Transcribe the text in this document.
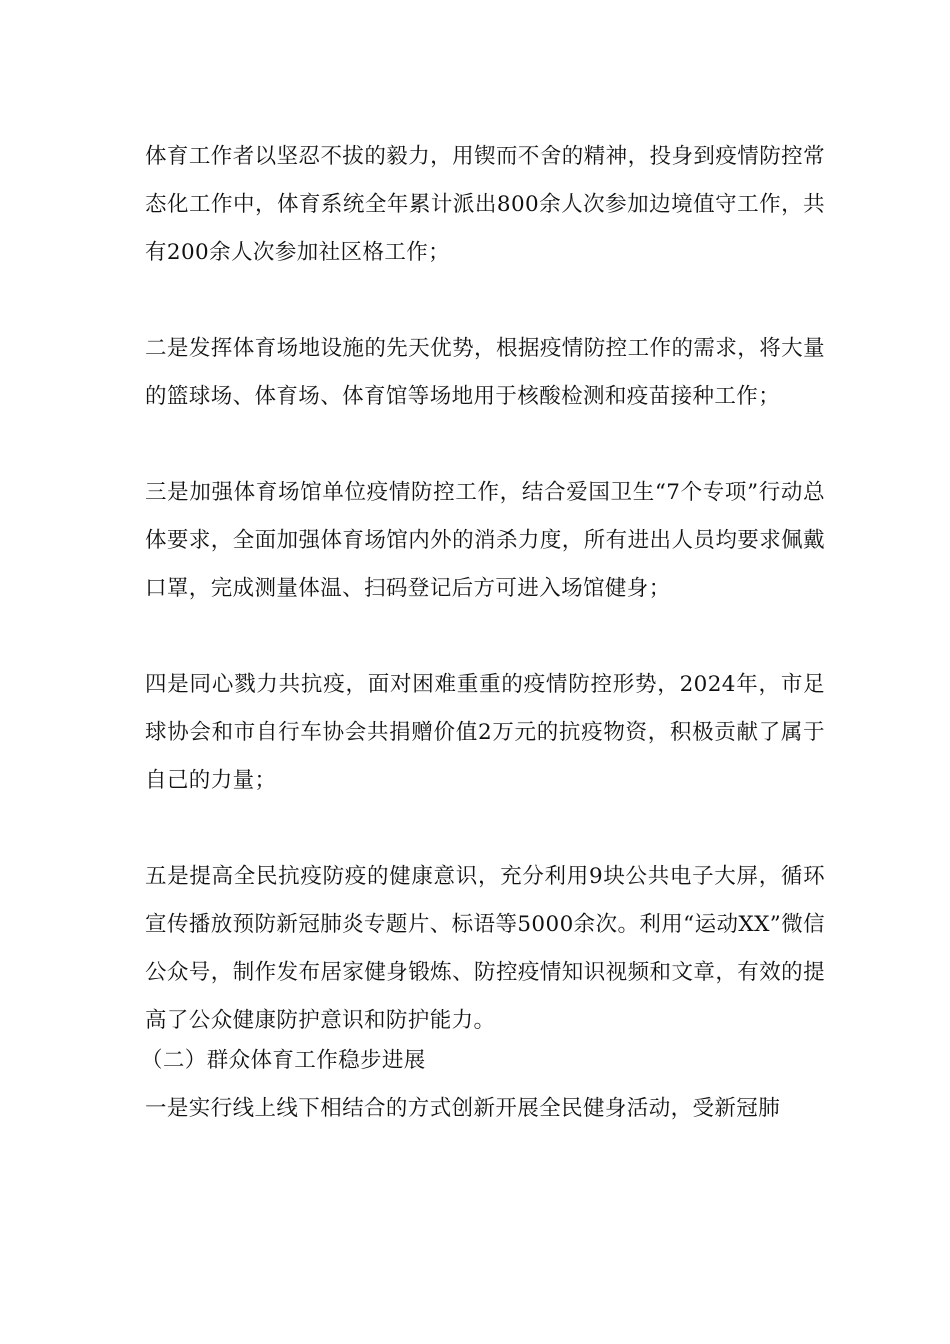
体育工作者以坚忍不拔的毅力，用锲而不舍的精神，投身到疫情防控常态化工作中，体育系统全年累计派出800余人次参加边境值守工作，共有200余人次参加社区格工作；

二是发挥体育场地设施的先天优势，根据疫情防控工作的需求，将大量的篮球场、体育场、体育馆等场地用于核酸检测和疫苗接种工作；

三是加强体育场馆单位疫情防控工作，结合爱国卫生“7个专项”行动总体要求，全面加强体育场馆内外的消杀力度，所有进出人员均要求佩戴口罩，完成测量体温、扫码登记后方可进入场馆健身；

四是同心戮力共抗疫，面对困难重重的疫情防控形势，2024年，市足球协会和市自行车协会共捐赠价值2万元的抗疫物资，积极贡献了属于自己的力量；

五是提高全民抗疫防疫的健康意识，充分利用9块公共电子大屏，循环宣传播放预防新冠肺炎专题片、标语等5000余次。利用“运动XX”微信公众号，制作发布居家健身锻炼、防控疫情知识视频和文章，有效的提高了公众健康防护意识和防护能力。

（二）群众体育工作稳步进展

一是实行线上线下相结合的方式创新开展全民健身活动，受新冠肺
